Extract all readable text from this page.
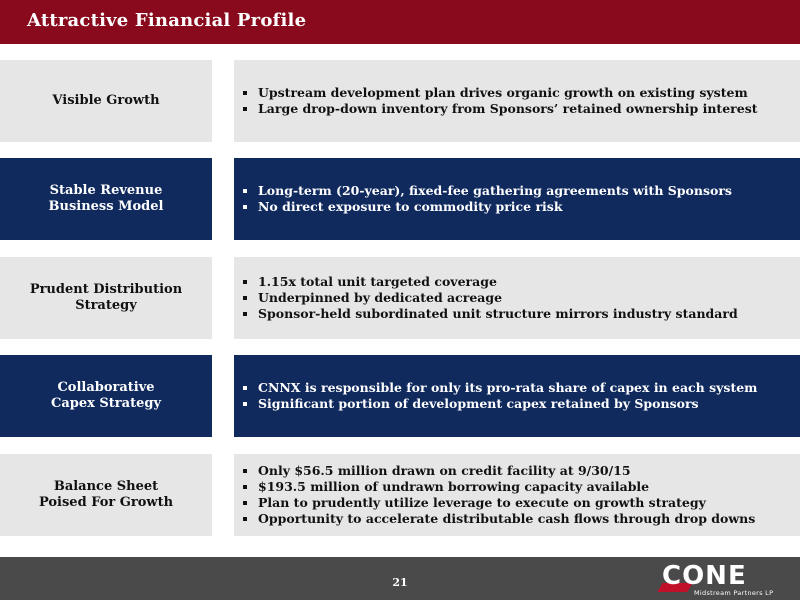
Attractive Financial Profile
Visible Growth
Upstream development plan drives organic growth on existing system
Large drop-down inventory from Sponsors’ retained ownership interest
Stable Revenue
Business Model
Long-term (20-year), fixed-fee gathering agreements with Sponsors
No direct exposure to commodity price risk
Prudent Distribution
Strategy
1.15x total unit targeted coverage
Underpinned by dedicated acreage
Sponsor-held subordinated unit structure mirrors industry standard
Collaborative
Capex Strategy
CNNX is responsible for only its pro-rata share of capex in each system
Significant portion of development capex retained by Sponsors
Balance Sheet
Poised For Growth
Only $56.5 million drawn on credit facility at 9/30/15
$193.5 million of undrawn borrowing capacity available
Plan to prudently utilize leverage to execute on growth strategy
Opportunity to accelerate distributable cash flows through drop downs
21	CONE
Midstream Partners LP
